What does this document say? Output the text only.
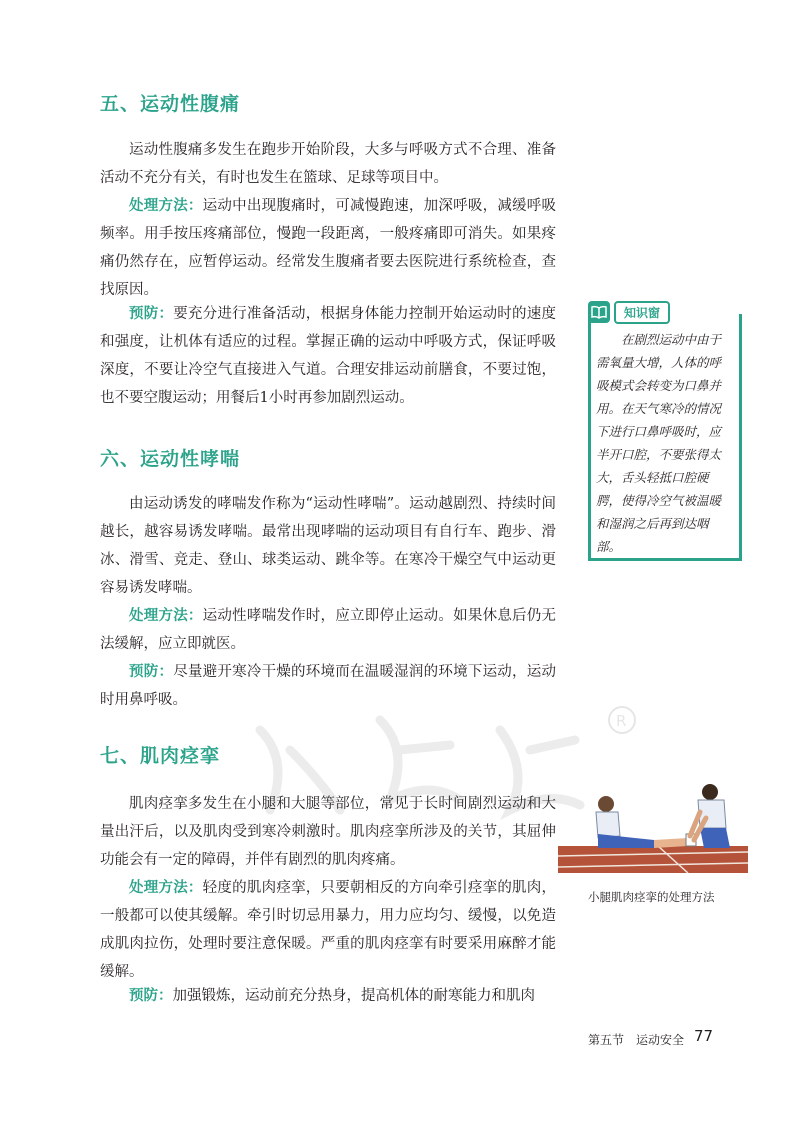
R
五、运动性腹痛

运动性腹痛多发生在跑步开始阶段，大多与呼吸方式不合理、准备活动不充分有关，有时也发生在篮球、足球等项目中。

处理方法：运动中出现腹痛时，可减慢跑速，加深呼吸，减缓呼吸频率。用手按压疼痛部位，慢跑一段距离，一般疼痛即可消失。如果疼痛仍然存在，应暂停运动。经常发生腹痛者要去医院进行系统检查，查找原因。

预防：要充分进行准备活动，根据身体能力控制开始运动时的速度和强度，让机体有适应的过程。掌握正确的运动中呼吸方式，保证呼吸深度，不要让冷空气直接进入气道。合理安排运动前膳食，不要过饱，也不要空腹运动；用餐后1小时再参加剧烈运动。

六、运动性哮喘

由运动诱发的哮喘发作称为“运动性哮喘”。运动越剧烈、持续时间越长，越容易诱发哮喘。最常出现哮喘的运动项目有自行车、跑步、滑冰、滑雪、竞走、登山、球类运动、跳伞等。在寒冷干燥空气中运动更容易诱发哮喘。

处理方法：运动性哮喘发作时，应立即停止运动。如果休息后仍无法缓解，应立即就医。

预防：尽量避开寒冷干燥的环境而在温暖湿润的环境下运动，运动时用鼻呼吸。

七、肌肉痉挛

肌肉痉挛多发生在小腿和大腿等部位，常见于长时间剧烈运动和大量出汗后，以及肌肉受到寒冷刺激时。肌肉痉挛所涉及的关节，其屈伸功能会有一定的障碍，并伴有剧烈的肌肉疼痛。

处理方法：轻度的肌肉痉挛，只要朝相反的方向牵引痉挛的肌肉，一般都可以使其缓解。牵引时切忌用暴力，用力应均匀、缓慢，以免造成肌肉拉伤，处理时要注意保暖。严重的肌肉痉挛有时要采用麻醉才能缓解。

预防：加强锻炼，运动前充分热身，提高机体的耐寒能力和肌肉

知识窗

在剧烈运动中由于需氧量大增，人体的呼吸模式会转变为口鼻并用。在天气寒冷的情况下进行口鼻呼吸时，应半开口腔，不要张得太大，舌头轻抵口腔硬腭，使得冷空气被温暖和湿润之后再到达咽部。

小腿肌肉痉挛的处理方法
第五节　运动安全 77
